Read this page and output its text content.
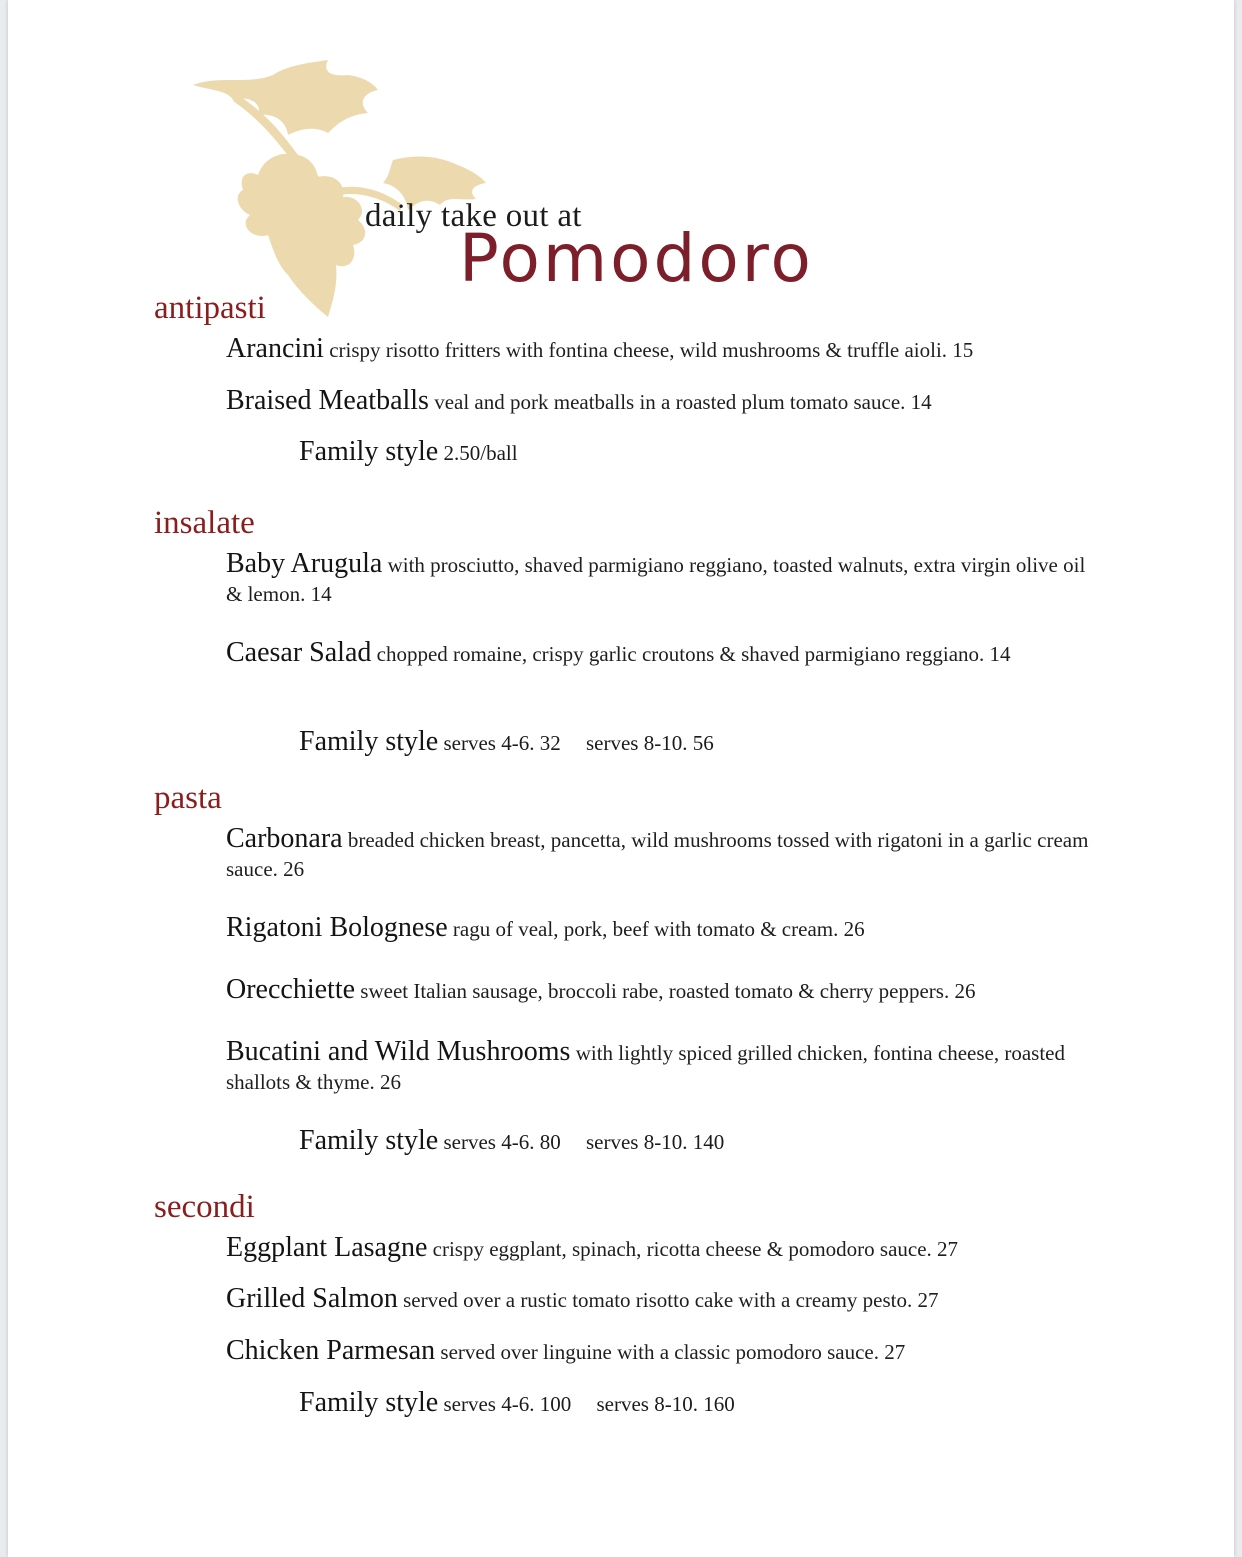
daily take out at
Pomodoro
antipasti
Arancini crispy risotto fritters with fontina cheese, wild mushrooms & truffle aioli. 15
Braised Meatballs veal and pork meatballs in a roasted plum tomato sauce. 14
Family style 2.50/ball
insalate
Baby Arugula with prosciutto, shaved parmigiano reggiano, toasted walnuts, extra virgin olive oil & lemon. 14
Caesar Salad chopped romaine, crispy garlic croutons & shaved parmigiano reggiano. 14
Family style serves 4-6. 32 serves 8-10. 56
pasta
Carbonara breaded chicken breast, pancetta, wild mushrooms tossed with rigatoni in a garlic cream sauce. 26
Rigatoni Bolognese ragu of veal, pork, beef with tomato & cream. 26
Orecchiette sweet Italian sausage, broccoli rabe, roasted tomato & cherry peppers. 26
Bucatini and Wild Mushrooms with lightly spiced grilled chicken, fontina cheese, roasted shallots & thyme. 26
Family style serves 4-6. 80 serves 8-10. 140
secondi
Eggplant Lasagne crispy eggplant, spinach, ricotta cheese & pomodoro sauce. 27
Grilled Salmon served over a rustic tomato risotto cake with a creamy pesto. 27
Chicken Parmesan served over linguine with a classic pomodoro sauce. 27
Family style serves 4-6. 100 serves 8-10. 160
